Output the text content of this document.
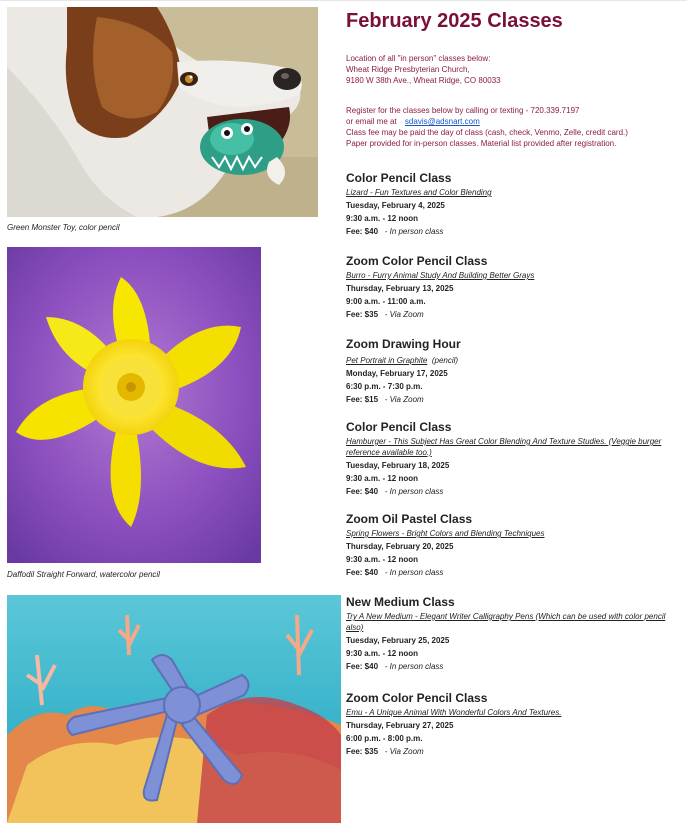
Green Monster Toy, color pencil
Daffodil Straight Forward, watercolor pencil
February 2025 Classes
Location of all "in person" classes below:
Wheat Ridge Presbyterian Church,
9180 W 38th Ave., Wheat Ridge, CO 80033
Register for the classes below by calling or texting - 720.339.7197
or email me at sdavis@adsnart.com
Class fee may be paid the day of class (cash, check, Venmo, Zelle, credit card.)
Paper provided for in-person classes. Material list provided after registration.
Color Pencil Class
Lizard - Fun Textures and Color Blending
Tuesday, February 4, 2025
9:30 a.m. - 12 noon
Fee: $40 - In person class
Zoom Color Pencil Class
Burro - Furry Animal Study And Building Better Grays
Thursday, February 13, 2025
9:00 a.m. - 11:00 a.m.
Fee: $35 - Via Zoom
Zoom Drawing Hour
Pet Portrait in Graphite (pencil)
Monday, February 17, 2025
6:30 p.m. - 7:30 p.m.
Fee: $15 - Via Zoom
Color Pencil Class
Hamburger - This Subject Has Great Color Blending And Texture Studies. (Veggie burger reference available too.)
Tuesday, February 18, 2025
9:30 a.m. - 12 noon
Fee: $40 - In person class
Zoom Oil Pastel Class
Spring Flowers - Bright Colors and Blending Techniques
Thursday, February 20, 2025
9:30 a.m. - 12 noon
Fee: $40 - In person class
New Medium Class
Try A New Medium - Elegant Writer Calligraphy Pens (Which can be used with color pencil also)
Tuesday, February 25, 2025
9:30 a.m. - 12 noon
Fee: $40 - In person class
Zoom Color Pencil Class
Emu - A Unique Animal With Wonderful Colors And Textures.
Thursday, February 27, 2025
6:00 p.m. - 8:00 p.m.
Fee: $35 - Via Zoom
